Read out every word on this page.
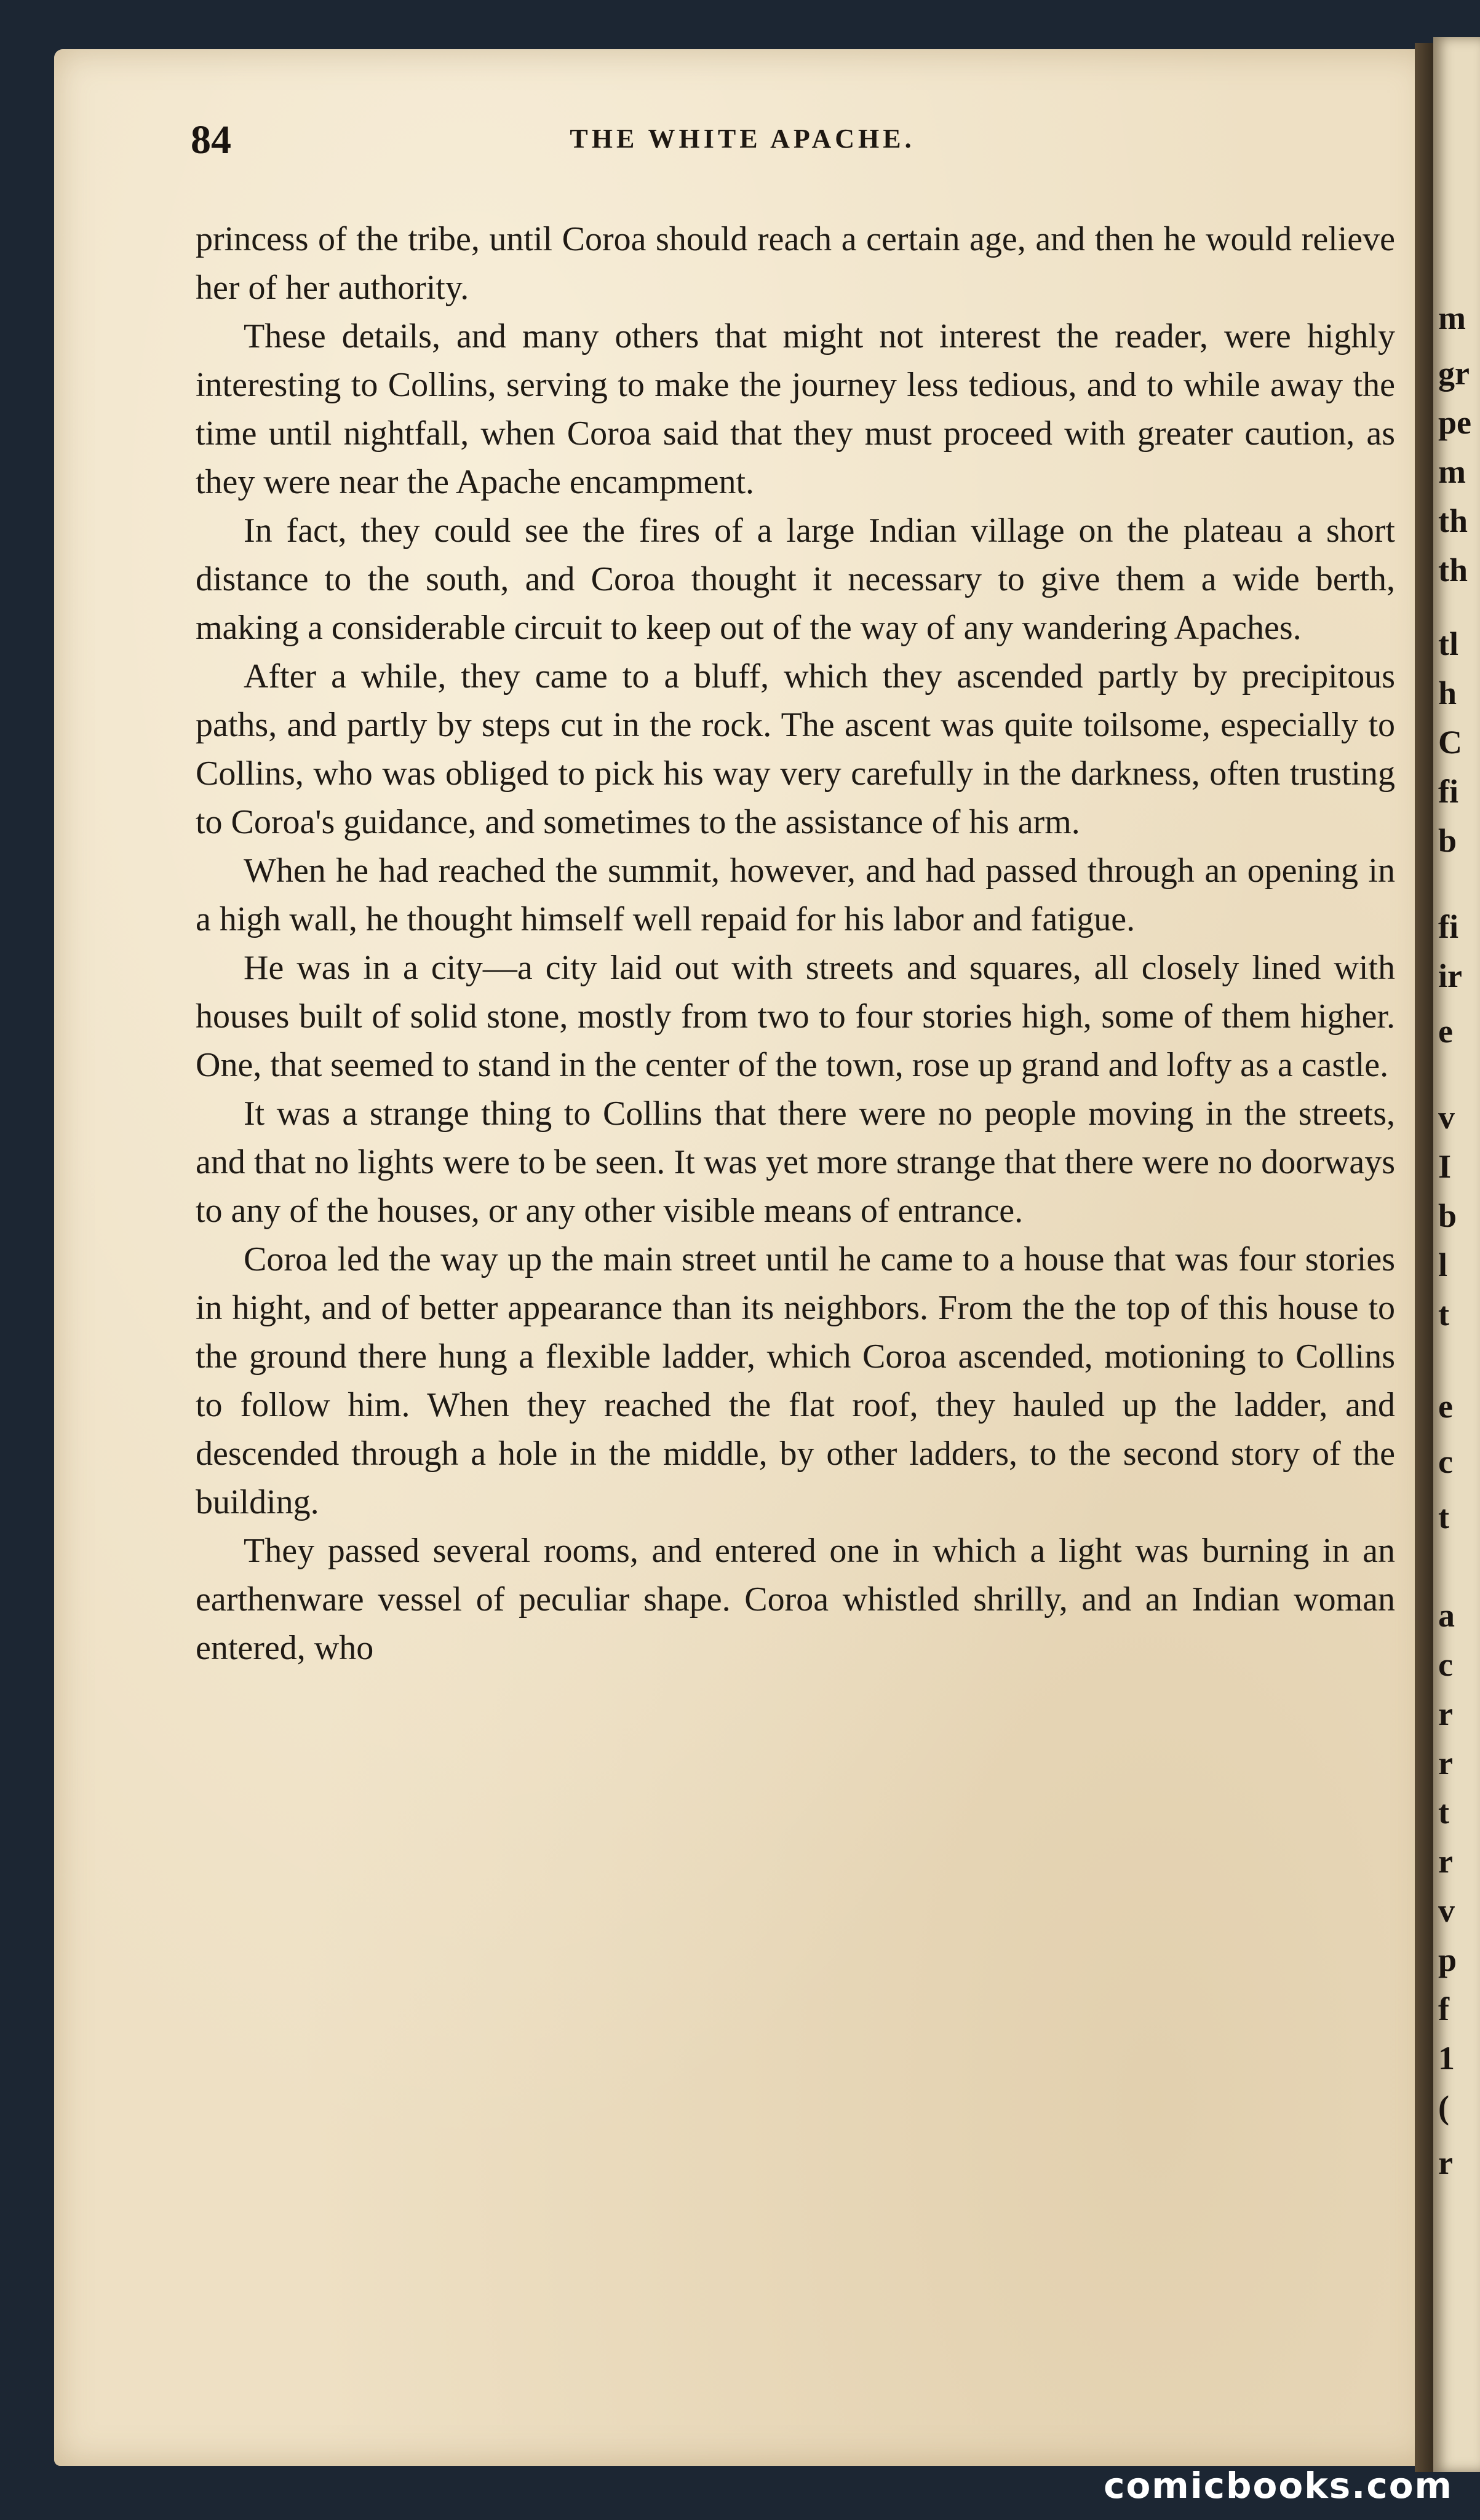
84	THE WHITE APACHE.

princess of the tribe, until Coroa should reach a certain age, and then he would relieve her of her authority.

These details, and many others that might not interest the reader, were highly interesting to Collins, serving to make the journey less tedious, and to while away the time until nightfall, when Coroa said that they must proceed with greater caution, as they were near the Apache encampment.

In fact, they could see the fires of a large Indian village on the plateau a short distance to the south, and Coroa thought it necessary to give them a wide berth, making a considerable circuit to keep out of the way of any wandering Apaches.

After a while, they came to a bluff, which they ascended partly by precipitous paths, and partly by steps cut in the rock. The ascent was quite toilsome, especially to Collins, who was obliged to pick his way very carefully in the darkness, often trusting to Coroa's guidance, and sometimes to the assistance of his arm.

When he had reached the summit, however, and had passed through an opening in a high wall, he thought himself well repaid for his labor and fatigue.

He was in a city—a city laid out with streets and squares, all closely lined with houses built of solid stone, mostly from two to four stories high, some of them higher. One, that seemed to stand in the center of the town, rose up grand and lofty as a castle.

It was a strange thing to Collins that there were no people moving in the streets, and that no lights were to be seen. It was yet more strange that there were no doorways to any of the houses, or any other visible means of entrance.

Coroa led the way up the main street until he came to a house that was four stories in hight, and of better appearance than its neighbors. From the the top of this house to the ground there hung a flexible ladder, which Coroa ascended, motioning to Collins to follow him. When they reached the flat roof, they hauled up the ladder, and descended through a hole in the middle, by other ladders, to the second story of the building.

They passed several rooms, and entered one in which a light was burning in an earthenware vessel of peculiar shape. Coroa whistled shrilly, and an Indian woman entered, who

m
gr
pe
m
th
th
tl
h
C
fi
b
fi
ir
e
v
I
b
l
t
e
c
t
a
c
r
r
t
r
v
p
f
1
(
r
comicbooks.com
